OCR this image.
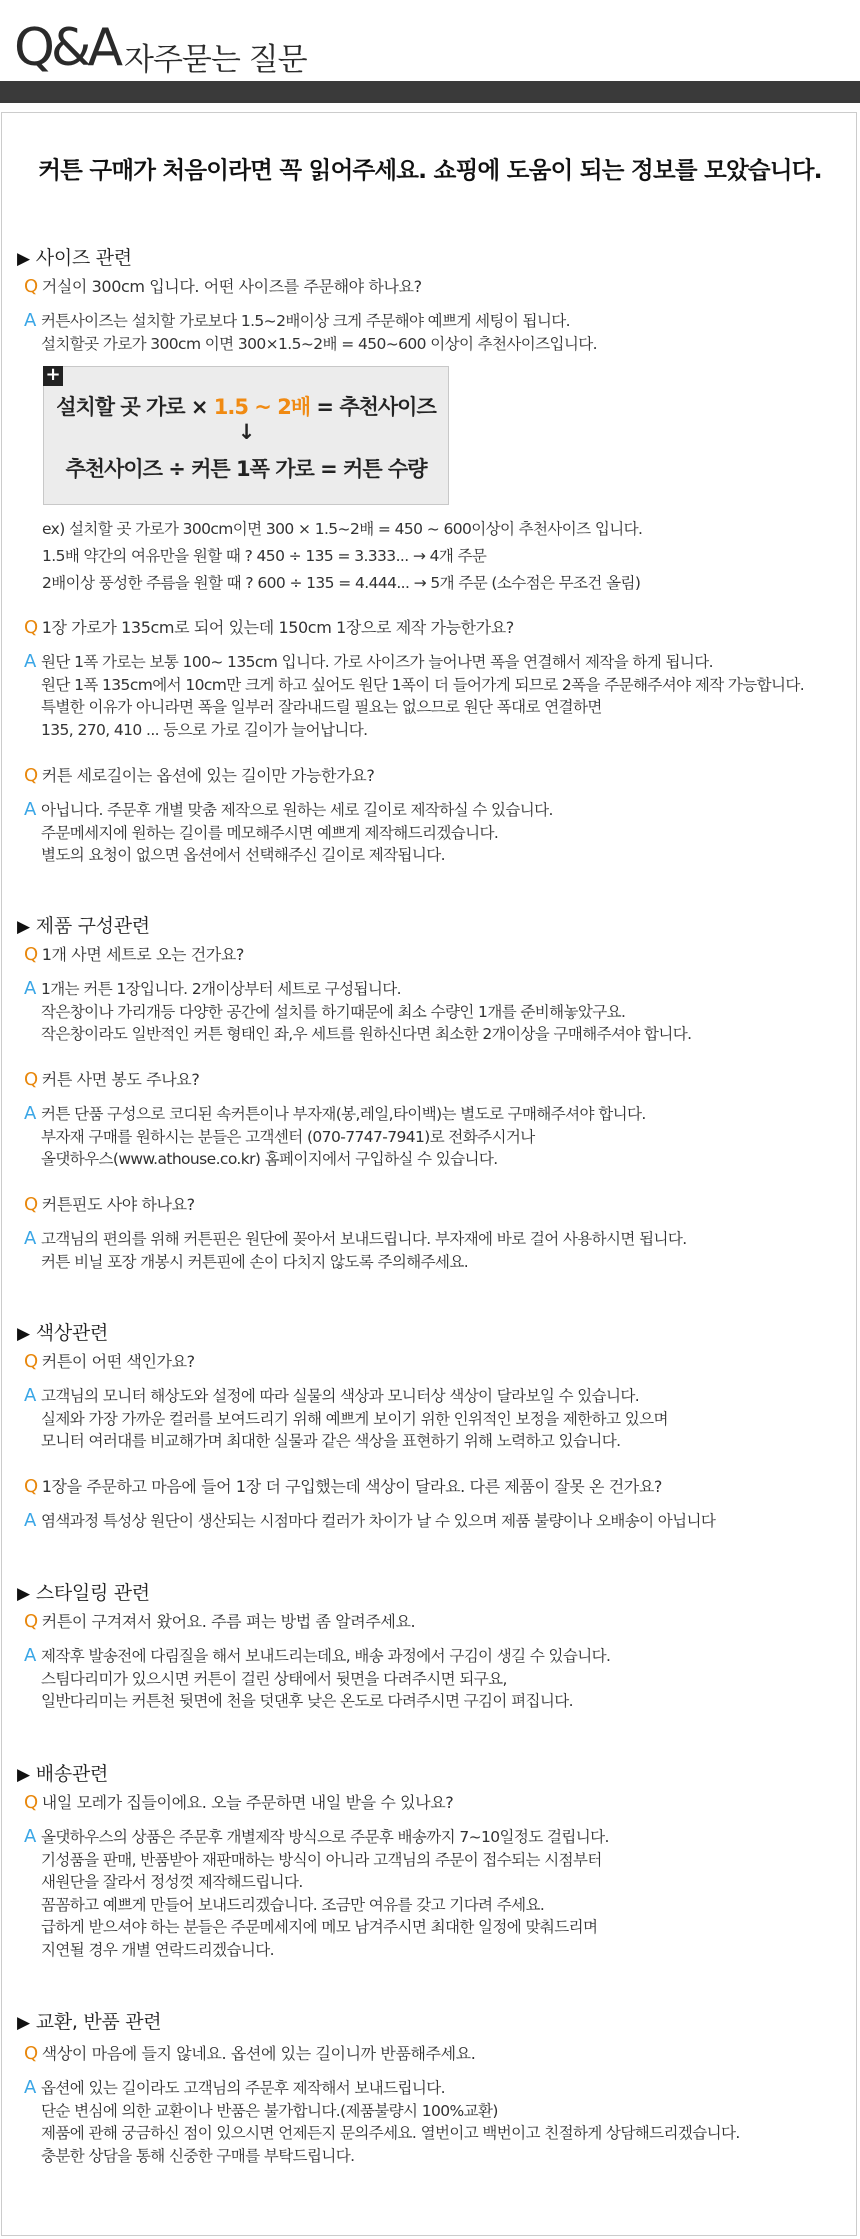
Q&A 자주묻는 질문
커튼 구매가 처음이라면 꼭 읽어주세요. 쇼핑에 도움이 되는 정보를 모았습니다.
▶ 사이즈 관련
Q 거실이 300cm 입니다. 어떤 사이즈를 주문해야 하나요?
A 커튼사이즈는 설치할 가로보다 1.5~2배이상 크게 주문해야 예쁘게 세팅이 됩니다.
설치할곳 가로가 300cm 이면 300×1.5~2배 = 450~600 이상이 추천사이즈입니다.
+
설치할 곳 가로 × 1.5 ~ 2배 = 추천사이즈
↓
추천사이즈 ÷ 커튼 1폭 가로 = 커튼 수량
ex) 설치할 곳 가로가 300cm이면 300 × 1.5~2배 = 450 ~ 600이상이 추천사이즈 입니다.
1.5배 약간의 여유만을 원할 때 ? 450 ÷ 135 = 3.333... → 4개 주문
2배이상 풍성한 주름을 원할 때 ? 600 ÷ 135 = 4.444... → 5개 주문 (소수점은 무조건 올림)
Q 1장 가로가 135cm로 되어 있는데 150cm 1장으로 제작 가능한가요?
A 원단 1폭 가로는 보통 100~ 135cm 입니다. 가로 사이즈가 늘어나면 폭을 연결해서 제작을 하게 됩니다.
원단 1폭 135cm에서 10cm만 크게 하고 싶어도 원단 1폭이 더 들어가게 되므로 2폭을 주문해주셔야 제작 가능합니다.
특별한 이유가 아니라면 폭을 일부러 잘라내드릴 필요는 없으므로 원단 폭대로 연결하면
135, 270, 410 ... 등으로 가로 길이가 늘어납니다.
Q 커튼 세로길이는 옵션에 있는 길이만 가능한가요?
A 아닙니다. 주문후 개별 맞춤 제작으로 원하는 세로 길이로 제작하실 수 있습니다.
주문메세지에 원하는 길이를 메모해주시면 예쁘게 제작해드리겠습니다.
별도의 요청이 없으면 옵션에서 선택해주신 길이로 제작됩니다.
▶ 제품 구성관련
Q 1개 사면 세트로 오는 건가요?
A 1개는 커튼 1장입니다. 2개이상부터 세트로 구성됩니다.
작은창이나 가리개등 다양한 공간에 설치를 하기때문에 최소 수량인 1개를 준비해놓았구요.
작은창이라도 일반적인 커튼 형태인 좌,우 세트를 원하신다면 최소한 2개이상을 구매해주셔야 합니다.
Q 커튼 사면 봉도 주나요?
A 커튼 단품 구성으로 코디된 속커튼이나 부자재(봉,레일,타이백)는 별도로 구매해주셔야 합니다.
부자재 구매를 원하시는 분들은 고객센터 (070-7747-7941)로 전화주시거나
올댓하우스(www.athouse.co.kr) 홈페이지에서 구입하실 수 있습니다.
Q 커튼핀도 사야 하나요?
A 고객님의 편의를 위해 커튼핀은 원단에 꽂아서 보내드립니다. 부자재에 바로 걸어 사용하시면 됩니다.
커튼 비닐 포장 개봉시 커튼핀에 손이 다치지 않도록 주의해주세요.
▶ 색상관련
Q 커튼이 어떤 색인가요?
A 고객님의 모니터 해상도와 설정에 따라 실물의 색상과 모니터상 색상이 달라보일 수 있습니다.
실제와 가장 가까운 컬러를 보여드리기 위해 예쁘게 보이기 위한 인위적인 보정을 제한하고 있으며
모니터 여러대를 비교해가며 최대한 실물과 같은 색상을 표현하기 위해 노력하고 있습니다.
Q 1장을 주문하고 마음에 들어 1장 더 구입했는데 색상이 달라요. 다른 제품이 잘못 온 건가요?
A 염색과정 특성상 원단이 생산되는 시점마다 컬러가 차이가 날 수 있으며 제품 불량이나 오배송이 아닙니다
▶ 스타일링 관련
Q 커튼이 구겨져서 왔어요. 주름 펴는 방법 좀 알려주세요.
A 제작후 발송전에 다림질을 해서 보내드리는데요, 배송 과정에서 구김이 생길 수 있습니다.
스팀다리미가 있으시면 커튼이 걸린 상태에서 뒷면을 다려주시면 되구요,
일반다리미는 커튼천 뒷면에 천을 덧댄후 낮은 온도로 다려주시면 구김이 펴집니다.
▶ 배송관련
Q 내일 모레가 집들이에요. 오늘 주문하면 내일 받을 수 있나요?
A 올댓하우스의 상품은 주문후 개별제작 방식으로 주문후 배송까지 7~10일정도 걸립니다.
기성품을 판매, 반품받아 재판매하는 방식이 아니라 고객님의 주문이 접수되는 시점부터
새원단을 잘라서 정성껏 제작해드립니다.
꼼꼼하고 예쁘게 만들어 보내드리겠습니다. 조금만 여유를 갖고 기다려 주세요.
급하게 받으셔야 하는 분들은 주문메세지에 메모 남겨주시면 최대한 일정에 맞춰드리며
지연될 경우 개별 연락드리겠습니다.
▶ 교환, 반품 관련
Q 색상이 마음에 들지 않네요. 옵션에 있는 길이니까 반품해주세요.
A 옵션에 있는 길이라도 고객님의 주문후 제작해서 보내드립니다.
단순 변심에 의한 교환이나 반품은 불가합니다.(제품불량시 100%교환)
제품에 관해 궁금하신 점이 있으시면 언제든지 문의주세요. 열번이고 백번이고 친절하게 상담해드리겠습니다.
충분한 상담을 통해 신중한 구매를 부탁드립니다.
